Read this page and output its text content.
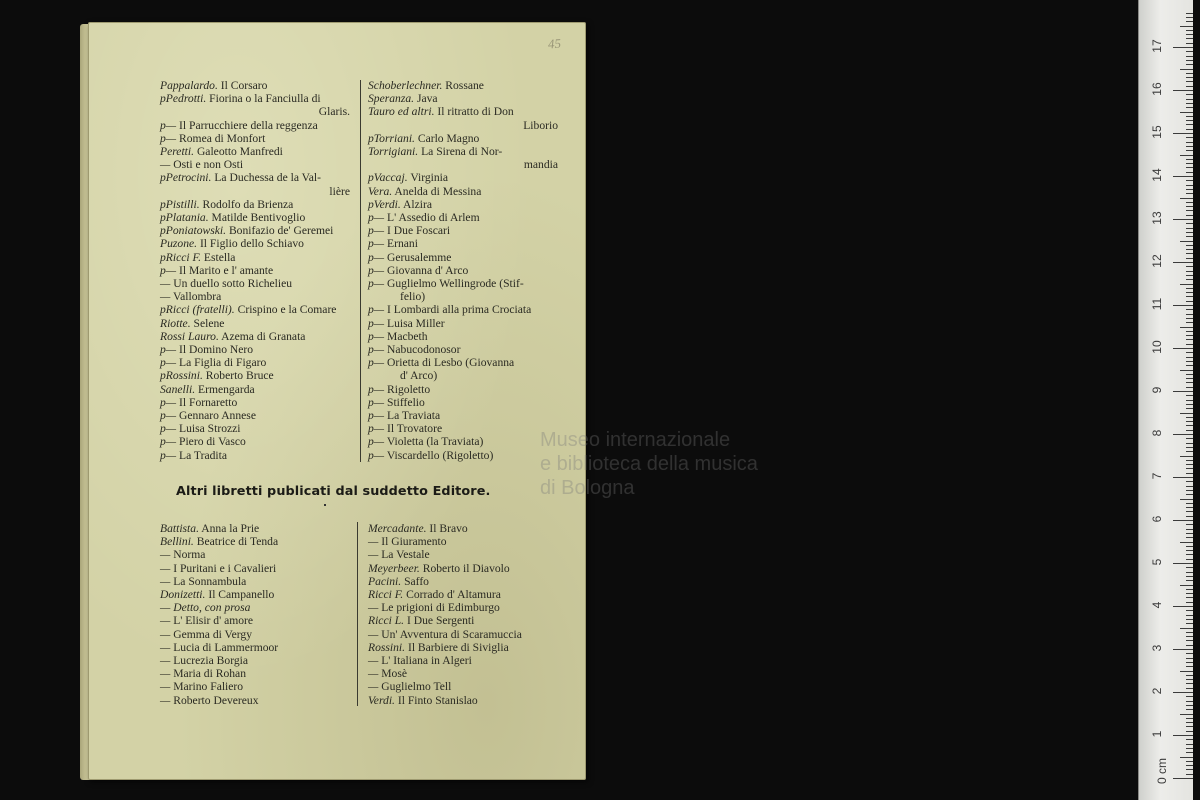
45
Pappalardo. Il Corsaro
pPedrotti. Fiorina o la Fanciulla di
Glaris.
p— Il Parrucchiere della reggenza
p— Romea di Monfort
Peretti. Galeotto Manfredi
— Osti e non Osti
pPetrocini. La Duchessa de la Val-
lière
pPistilli. Rodolfo da Brienza
pPlatania. Matilde Bentivoglio
pPoniatowski. Bonifazio de' Geremei
Puzone. Il Figlio dello Schiavo
pRicci F. Estella
p— Il Marito e l' amante
— Un duello sotto Richelieu
— Vallombra
pRicci (fratelli). Crispino e la Comare
Riotte. Selene
Rossi Lauro. Azema di Granata
p— Il Domino Nero
p— La Figlia di Figaro
pRossini. Roberto Bruce
Sanelli. Ermengarda
p— Il Fornaretto
p— Gennaro Annese
p— Luisa Strozzi
p— Piero di Vasco
p— La Tradita
Schoberlechner. Rossane
Speranza. Java
Tauro ed altri. Il ritratto di Don
Liborio
pTorriani. Carlo Magno
Torrigiani. La Sirena di Nor-
mandia
pVaccaj. Virginia
Vera. Anelda di Messina
pVerdi. Alzira
p— L' Assedio di Arlem
p— I Due Foscari
p— Ernani
p— Gerusalemme
p— Giovanna d' Arco
p— Guglielmo Wellingrode (Stif-
felio)
p— I Lombardi alla prima Crociata
p— Luisa Miller
p— Macbeth
p— Nabucodonosor
p— Orietta di Lesbo (Giovanna
d' Arco)
p— Rigoletto
p— Stiffelio
p— La Traviata
p— Il Trovatore
p— Violetta (la Traviata)
p— Viscardello (Rigoletto)
Altri libretti publicati dal suddetto Editore.
Battista. Anna la Prie
Bellini. Beatrice di Tenda
— Norma
— I Puritani e i Cavalieri
— La Sonnambula
Donizetti. Il Campanello
— Detto, con prosa
— L' Elisir d' amore
— Gemma di Vergy
— Lucia di Lammermoor
— Lucrezia Borgia
— Maria di Rohan
— Marino Faliero
— Roberto Devereux
Mercadante. Il Bravo
— Il Giuramento
— La Vestale
Meyerbeer. Roberto il Diavolo
Pacini. Saffo
Ricci F. Corrado d' Altamura
— Le prigioni di Edimburgo
Ricci L. I Due Sergenti
— Un' Avventura di Scaramuccia
Rossini. Il Barbiere di Siviglia
— L' Italiana in Algeri
— Mosè
— Guglielmo Tell
Verdi. Il Finto Stanislao
Museo internazionale
e biblioteca della musica
di Bologna
0 cm
1
2
3
4
5
6
7
8
9
10
11
12
13
14
15
16
17
